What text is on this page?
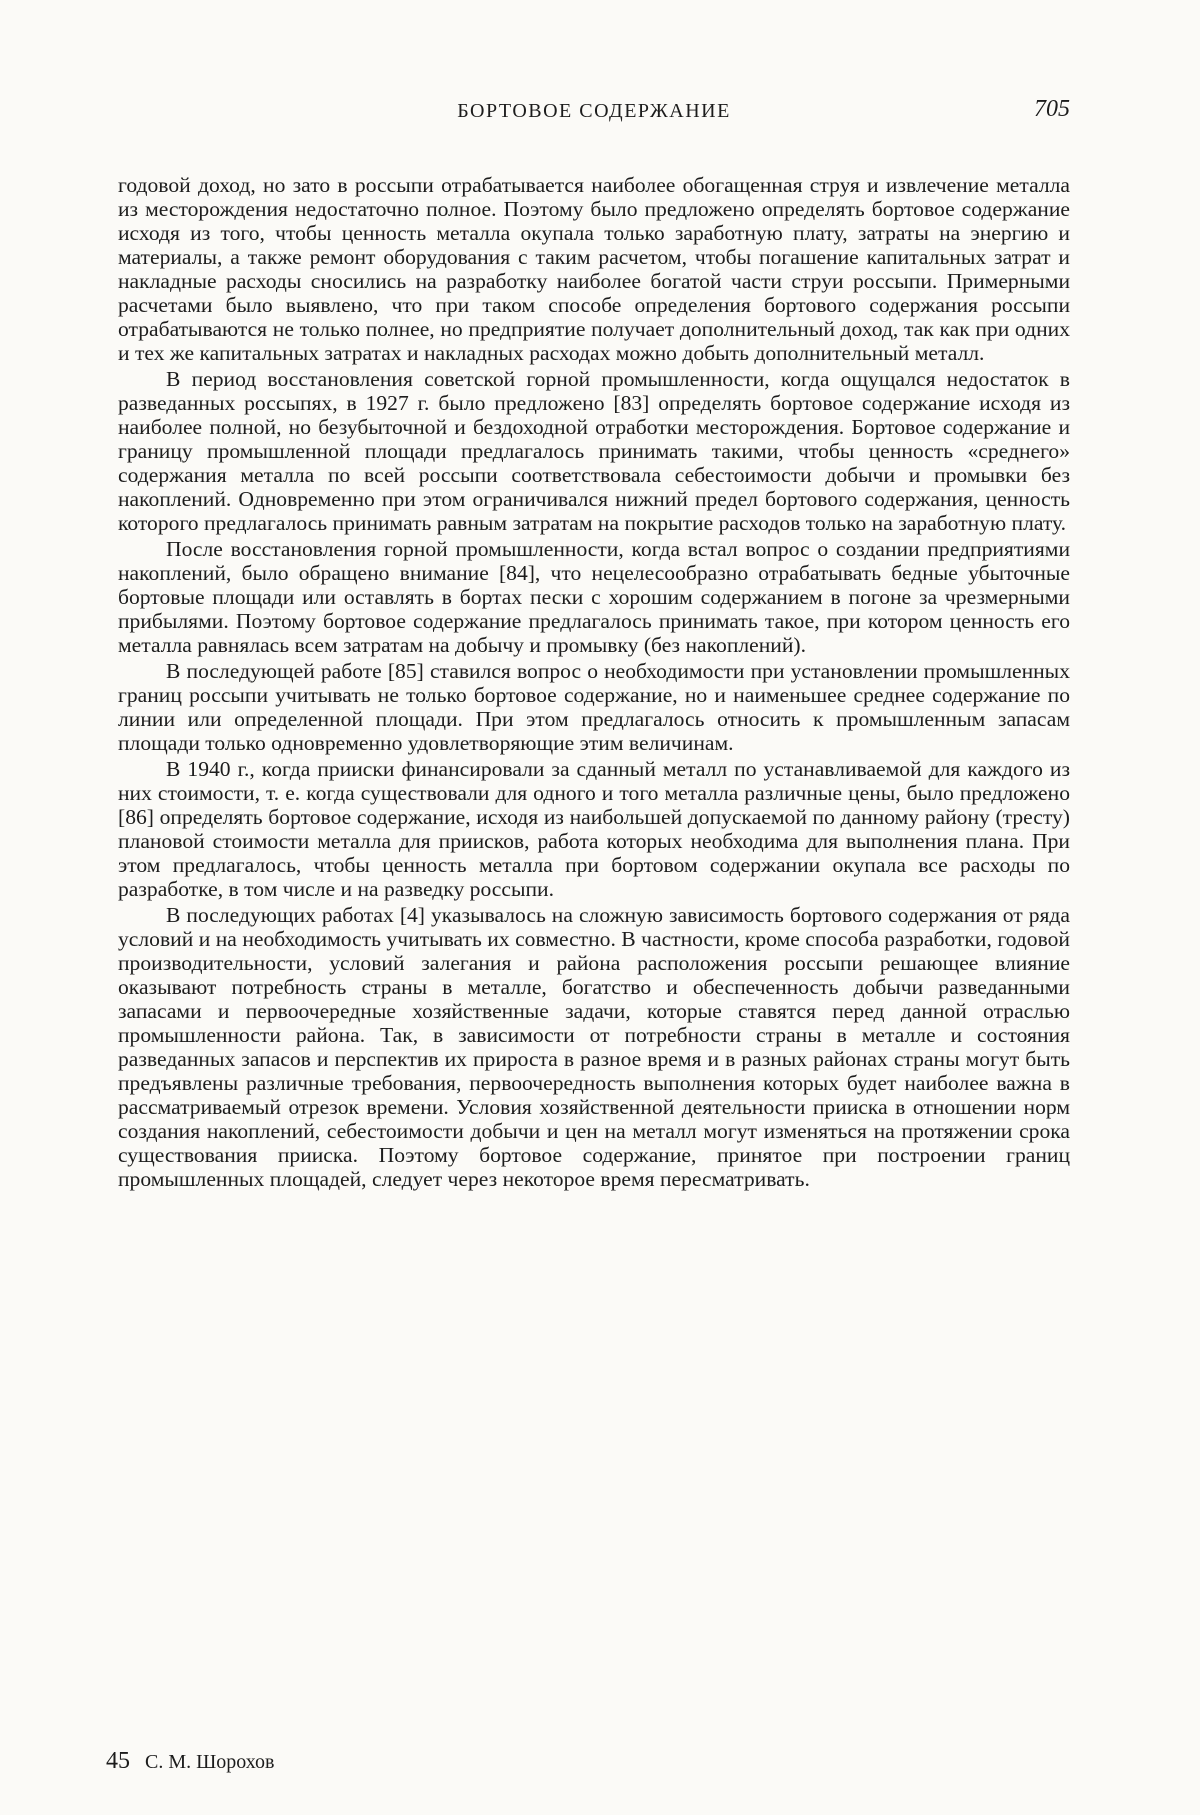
БОРТОВОЕ СОДЕРЖАНИЕ	705

годовой доход, но зато в россыпи отрабатывается наиболее обогащенная струя и извлечение металла из месторождения недостаточно полное. Поэтому было предложено определять бортовое содержание исходя из того, чтобы ценность металла окупала только заработную плату, затраты на энергию и материалы, а также ремонт оборудования с таким расчетом, чтобы погашение капитальных затрат и накладные расходы сносились на разработку наиболее богатой части струи россыпи. Примерными расчетами было выявлено, что при таком способе определения бортового содержания россыпи отрабатываются не только полнее, но предприятие получает дополнительный доход, так как при одних и тех же капитальных затратах и накладных расходах можно добыть дополнительный металл.

В период восстановления советской горной промышленности, когда ощущался недостаток в разведанных россыпях, в 1927 г. было предложено [83] определять бортовое содержание исходя из наиболее полной, но безубыточной и бездоходной отработки месторождения. Бортовое содержание и границу промышленной площади предлагалось принимать такими, чтобы ценность «среднего» содержания металла по всей россыпи соответствовала себестоимости добычи и промывки без накоплений. Одновременно при этом ограничивался нижний предел бортового содержания, ценность которого предлагалось принимать равным затратам на покрытие расходов только на заработную плату.

После восстановления горной промышленности, когда встал вопрос о создании предприятиями накоплений, было обращено внимание [84], что нецелесообразно отрабатывать бедные убыточные бортовые площади или оставлять в бортах пески с хорошим содержанием в погоне за чрезмерными прибылями. Поэтому бортовое содержание предлагалось принимать такое, при котором ценность его металла равнялась всем затратам на добычу и промывку (без накоплений).

В последующей работе [85] ставился вопрос о необходимости при установлении промышленных границ россыпи учитывать не только бортовое содержание, но и наименьшее среднее содержание по линии или определенной площади. При этом предлагалось относить к промышленным запасам площади только одновременно удовлетворяющие этим величинам.

В 1940 г., когда прииски финансировали за сданный металл по устанавливаемой для каждого из них стоимости, т. е. когда существовали для одного и того металла различные цены, было предложено [86] определять бортовое содержание, исходя из наибольшей допускаемой по данному району (тресту) плановой стоимости металла для приисков, работа которых необходима для выполнения плана. При этом предлагалось, чтобы ценность металла при бортовом содержании окупала все расходы по разработке, в том числе и на разведку россыпи.

В последующих работах [4] указывалось на сложную зависимость бортового содержания от ряда условий и на необходимость учитывать их совместно. В частности, кроме способа разработки, годовой производительности, условий залегания и района расположения россыпи решающее влияние оказывают потребность страны в металле, богатство и обеспеченность добычи разведанными запасами и первоочередные хозяйственные задачи, которые ставятся перед данной отраслью промышленности района. Так, в зависимости от потребности страны в металле и состояния разведанных запасов и перспектив их прироста в разное время и в разных районах страны могут быть предъявлены различные требования, первоочередность выполнения которых будет наиболее важна в рассматриваемый отрезок времени. Условия хозяйственной деятельности прииска в отношении норм создания накоплений, себестоимости добычи и цен на металл могут изменяться на протяжении срока существования прииска. Поэтому бортовое содержание, принятое при построении границ промышленных площадей, следует через некоторое время пересматривать.

45 С. М. Шорохов
